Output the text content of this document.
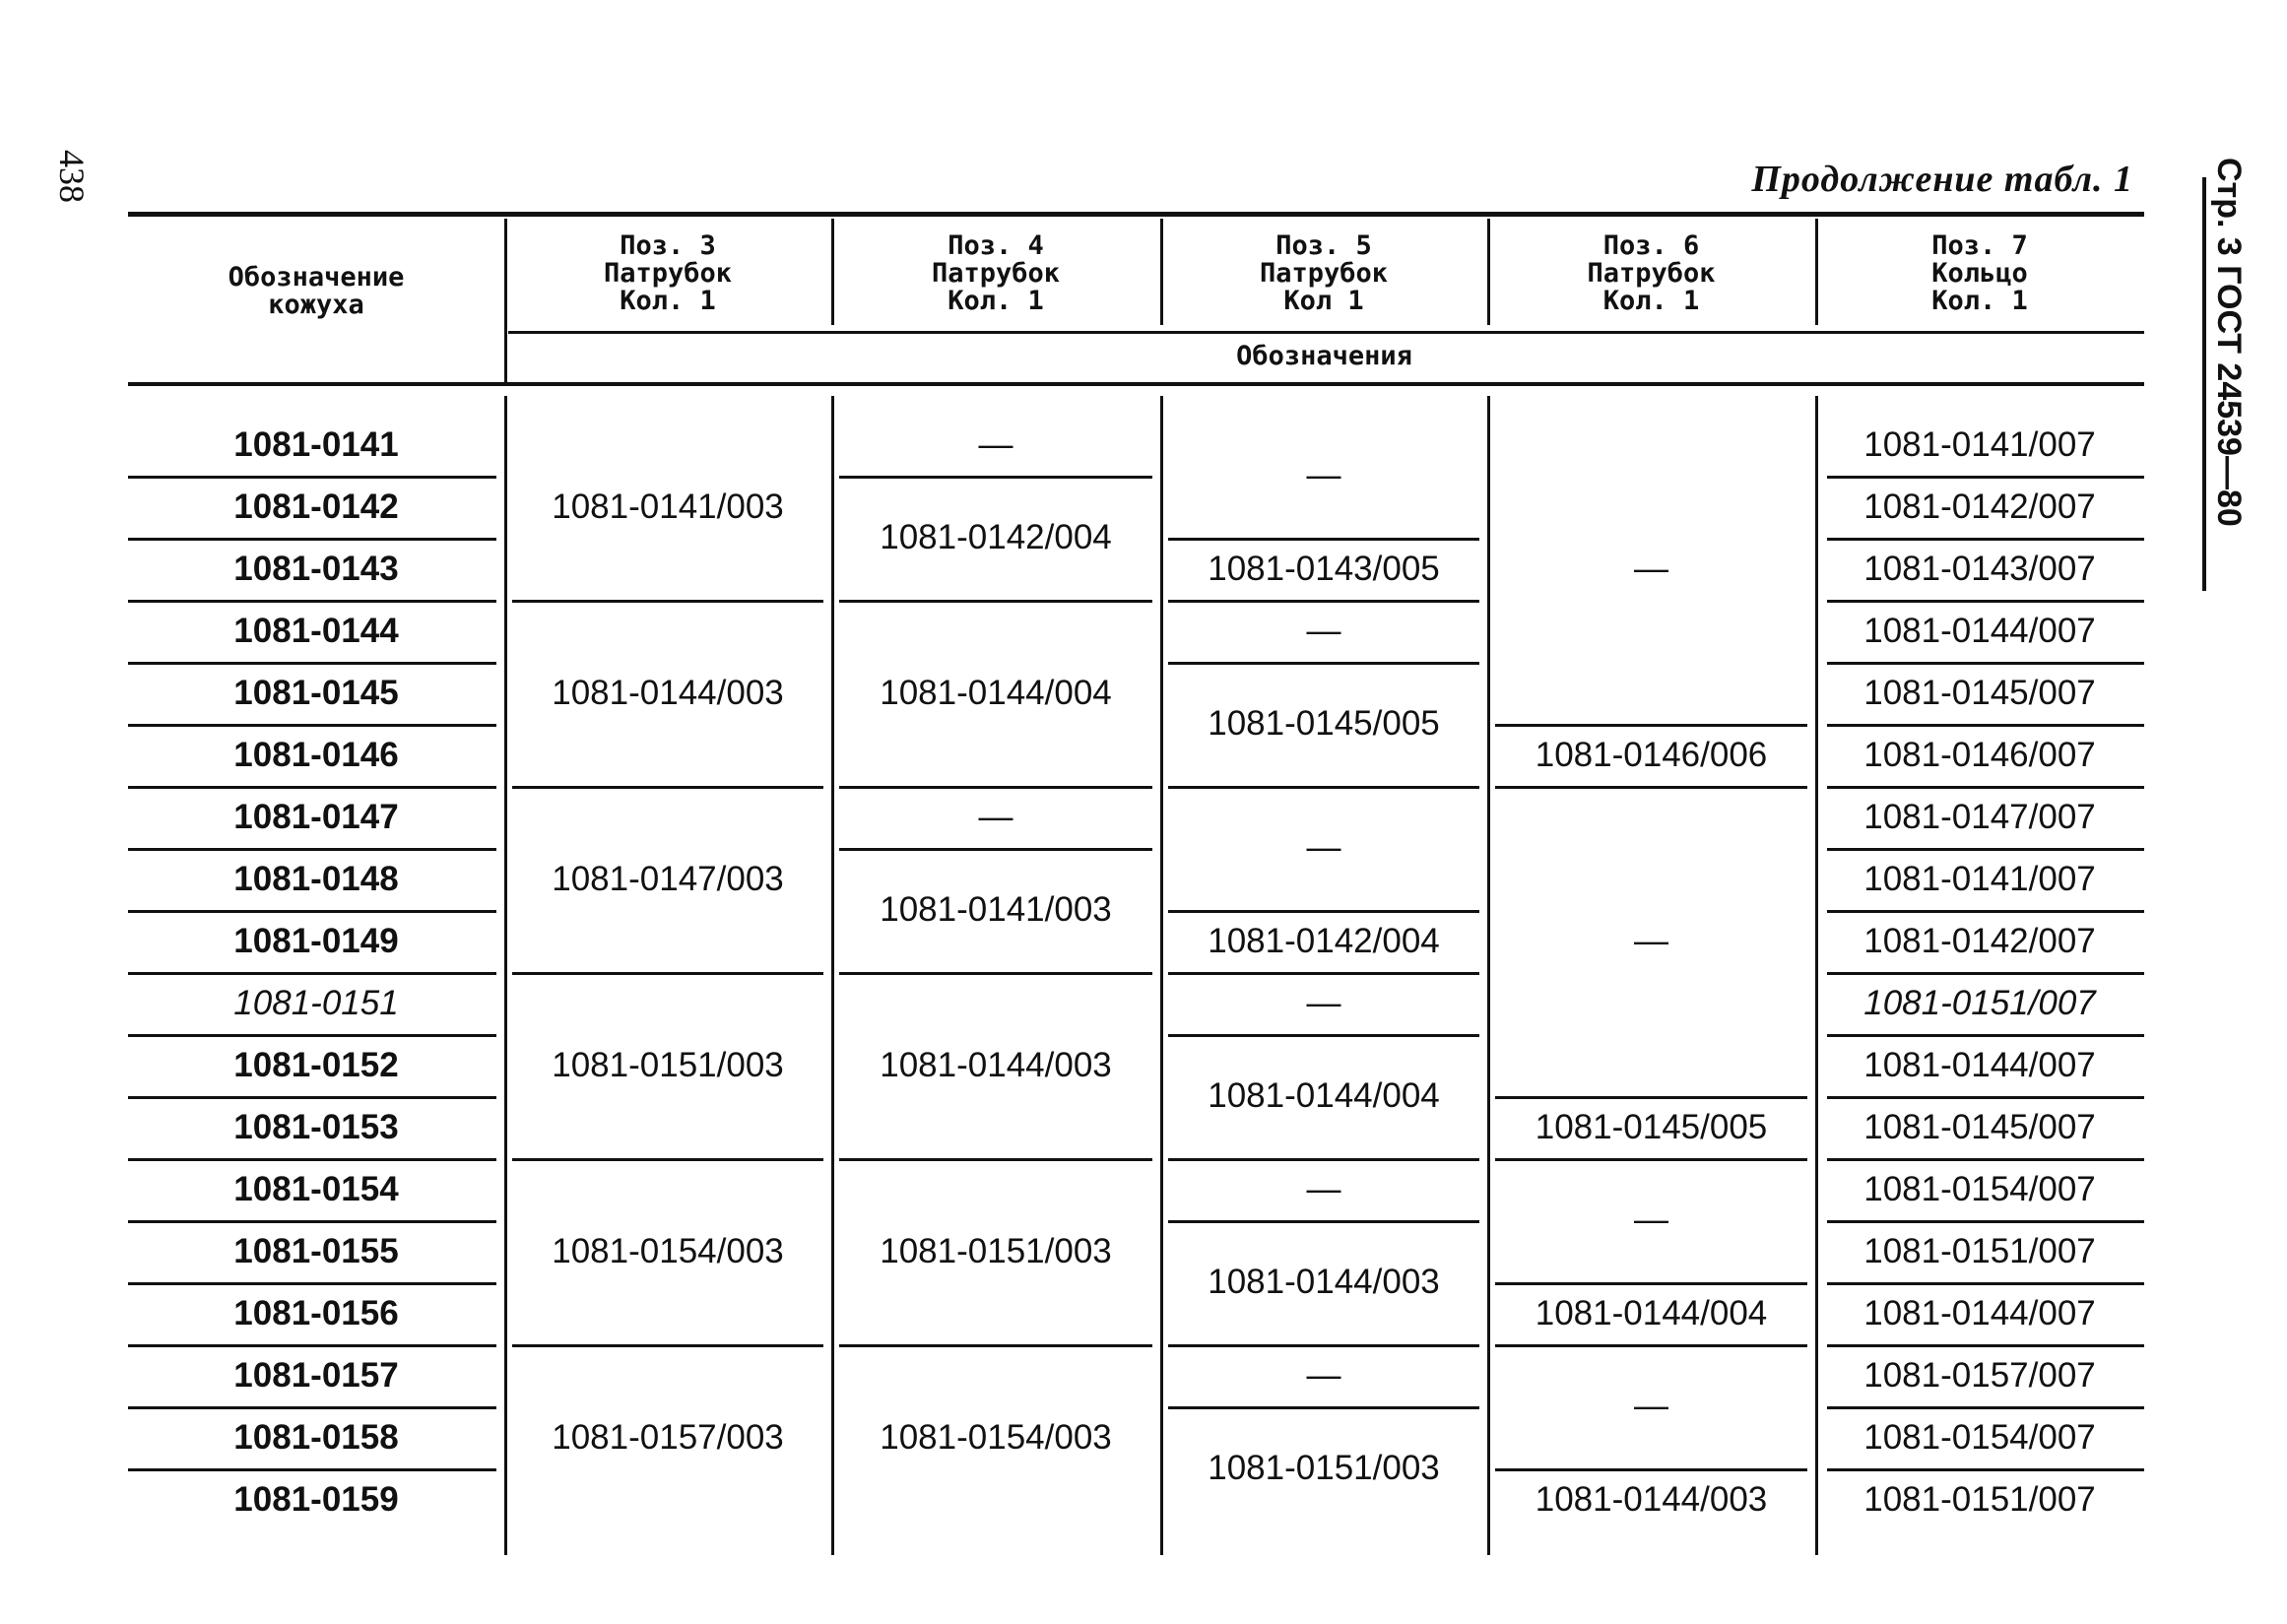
438	Стр. 3 ГОСТ 24539—80
Продолжение табл. 1
Обозначение
кожуха
Поз. 3
Патрубок
Кол. 1
Поз. 4
Патрубок
Кол. 1
Поз. 5
Патрубок
Кол 1
Поз. 6
Патрубок
Кол. 1
Поз. 7
Кольцо
Кол. 1
Обозначения
1081-0141
1081-0142
1081-0143
1081-0144
1081-0145
1081-0146
1081-0147
1081-0148
1081-0149
1081-0151
1081-0152
1081-0153
1081-0154
1081-0155
1081-0156
1081-0157
1081-0158
1081-0159
1081-0141/007
1081-0142/007
1081-0143/007
1081-0144/007
1081-0145/007
1081-0146/007
1081-0147/007
1081-0141/007
1081-0142/007
1081-0151/007
1081-0144/007
1081-0145/007
1081-0154/007
1081-0151/007
1081-0144/007
1081-0157/007
1081-0154/007
1081-0151/007
1081-0141/003
1081-0144/003
1081-0147/003
1081-0151/003
1081-0154/003
1081-0157/003
—
1081-0142/004
1081-0144/004
—
1081-0141/003
1081-0144/003
1081-0151/003
1081-0154/003
—
1081-0143/005
—
1081-0145/005
—
1081-0142/004
—
1081-0144/004
—
1081-0144/003
—
1081-0151/003
—
1081-0146/006
—
1081-0145/005
—
1081-0144/004
—
1081-0144/003
